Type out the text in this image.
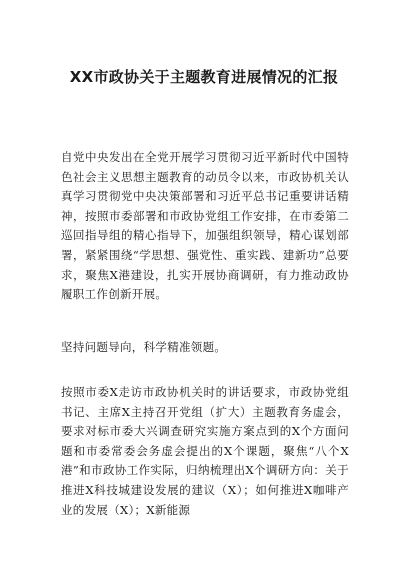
XX市政协关于主题教育进展情况的汇报

自党中央发出在全党开展学习贯彻习近平新时代中国特色社会主义思想主题教育的动员令以来，市政协机关认真学习贯彻党中央决策部署和习近平总书记重要讲话精神，按照市委部署和市政协党组工作安排，在市委第二巡回指导组的精心指导下，加强组织领导，精心谋划部署，紧紧围绕“学思想、强党性、重实践、建新功”总要求，聚焦X港建设，扎实开展协商调研，有力推动政协履职工作创新开展。

坚持问题导向，科学精准领题。

按照市委X走访市政协机关时的讲话要求，市政协党组书记、主席X主持召开党组（扩大）主题教育务虚会，要求对标市委大兴调查研究实施方案点到的X个方面问题和市委常委会务虚会提出的X个课题，聚焦“八个X港”和市政协工作实际，归纳梳理出X个调研方向：关于推进X科技城建设发展的建议（X）；如何推进X咖啡产业的发展（X）；X新能源
